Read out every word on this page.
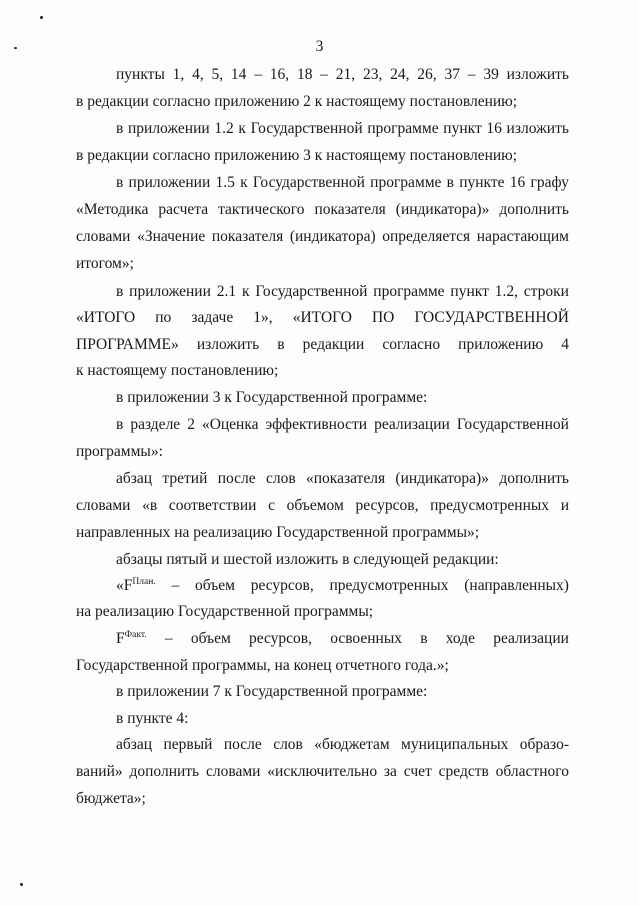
3
пункты 1, 4, 5, 14 – 16, 18 – 21, 23, 24, 26, 37 – 39 изложить
в редакции согласно приложению 2 к настоящему постановлению;
в приложении 1.2 к Государственной программе пункт 16 изложить
в редакции согласно приложению 3 к настоящему постановлению;
в приложении 1.5 к Государственной программе в пункте 16 графу
«Методика расчета тактического показателя (индикатора)» дополнить
словами «Значение показателя (индикатора) определяется нарастающим
итогом»;
в приложении 2.1 к Государственной программе пункт 1.2, строки
«ИТОГО по задаче 1», «ИТОГО ПО ГОСУДАРСТВЕННОЙ
ПРОГРАММЕ» изложить в редакции согласно приложению 4
к настоящему постановлению;
в приложении 3 к Государственной программе:
в разделе 2 «Оценка эффективности реализации Государственной
программы»:
абзац третий после слов «показателя (индикатора)» дополнить
словами «в соответствии с объемом ресурсов, предусмотренных и
направленных на реализацию Государственной программы»;
абзацы пятый и шестой изложить в следующей редакции:
«$F^{План.}$ – объем ресурсов, предусмотренных (направленных)
на реализацию Государственной программы;
$F^{Факт.}$ – объем ресурсов, освоенных в ходе реализации
Государственной программы, на конец отчетного года.»;
в приложении 7 к Государственной программе:
в пункте 4:
абзац первый после слов «бюджетам муниципальных образо-
ваний» дополнить словами «исключительно за счет средств областного
бюджета»;
